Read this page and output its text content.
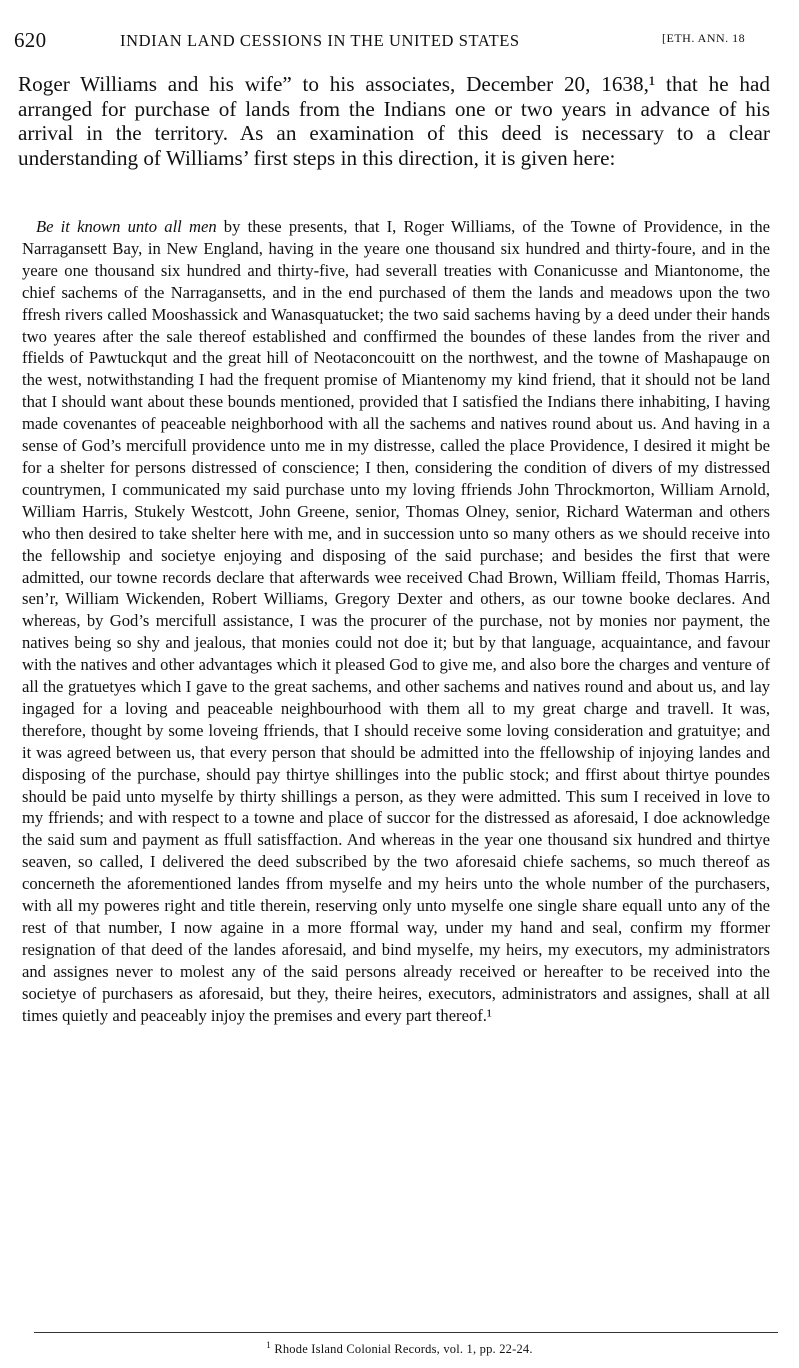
620	INDIAN LAND CESSIONS IN THE UNITED STATES	[ETH. ANN. 18

Roger Williams and his wife” to his associates, December 20, 1638,¹ that he had arranged for purchase of lands from the Indians one or two years in advance of his arrival in the territory. As an examination of this deed is necessary to a clear understanding of Williams’ first steps in this direction, it is given here:

Be it known unto all men by these presents, that I, Roger Williams, of the Towne of Providence, in the Narragansett Bay, in New England, having in the yeare one thousand six hundred and thirty-foure, and in the yeare one thousand six hundred and thirty-five, had severall treaties with Conanicusse and Miantonome, the chief sachems of the Narragansetts, and in the end purchased of them the lands and meadows upon the two ffresh rivers called Mooshassick and Wanasquatucket; the two said sachems having by a deed under their hands two yeares after the sale thereof established and conffirmed the boundes of these landes from the river and ffields of Pawtuckqut and the great hill of Neotaconcouitt on the northwest, and the towne of Mashapauge on the west, notwithstanding I had the frequent promise of Miantenomy my kind friend, that it should not be land that I should want about these bounds mentioned, provided that I satisfied the Indians there inhabiting, I having made covenantes of peaceable neighborhood with all the sachems and natives round about us. And having in a sense of God’s mercifull providence unto me in my distresse, called the place Providence, I desired it might be for a shelter for persons distressed of conscience; I then, considering the condition of divers of my distressed countrymen, I communicated my said purchase unto my loving ffriends John Throckmorton, William Arnold, William Harris, Stukely Westcott, John Greene, senior, Thomas Olney, senior, Richard Waterman and others who then desired to take shelter here with me, and in succession unto so many others as we should receive into the fellowship and societye enjoying and disposing of the said purchase; and besides the first that were admitted, our towne records declare that afterwards wee received Chad Brown, William ffeild, Thomas Harris, sen’r, William Wickenden, Robert Williams, Gregory Dexter and others, as our towne booke declares. And whereas, by God’s mercifull assistance, I was the procurer of the purchase, not by monies nor payment, the natives being so shy and jealous, that monies could not doe it; but by that language, acquaintance, and favour with the natives and other advantages which it pleased God to give me, and also bore the charges and venture of all the gratuetyes which I gave to the great sachems, and other sachems and natives round and about us, and lay ingaged for a loving and peaceable neighbourhood with them all to my great charge and travell. It was, therefore, thought by some loveing ffriends, that I should receive some loving consideration and gratuitye; and it was agreed between us, that every person that should be admitted into the ffellowship of injoying landes and disposing of the purchase, should pay thirtye shillinges into the public stock; and ffirst about thirtye poundes should be paid unto myselfe by thirty shillings a person, as they were admitted. This sum I received in love to my ffriends; and with respect to a towne and place of succor for the distressed as aforesaid, I doe acknowledge the said sum and payment as ffull satisffaction. And whereas in the year one thousand six hundred and thirtye seaven, so called, I delivered the deed subscribed by the two aforesaid chiefe sachems, so much thereof as concerneth the aforementioned landes ffrom myselfe and my heirs unto the whole number of the purchasers, with all my poweres right and title therein, reserving only unto myselfe one single share equall unto any of the rest of that number, I now againe in a more fformal way, under my hand and seal, confirm my fformer resignation of that deed of the landes aforesaid, and bind myselfe, my heirs, my executors, my administrators and assignes never to molest any of the said persons already received or hereafter to be received into the societye of purchasers as aforesaid, but they, theire heires, executors, administrators and assignes, shall at all times quietly and peaceably injoy the premises and every part thereof.¹

$^1$ Rhode Island Colonial Records, vol. 1, pp. 22-24.
